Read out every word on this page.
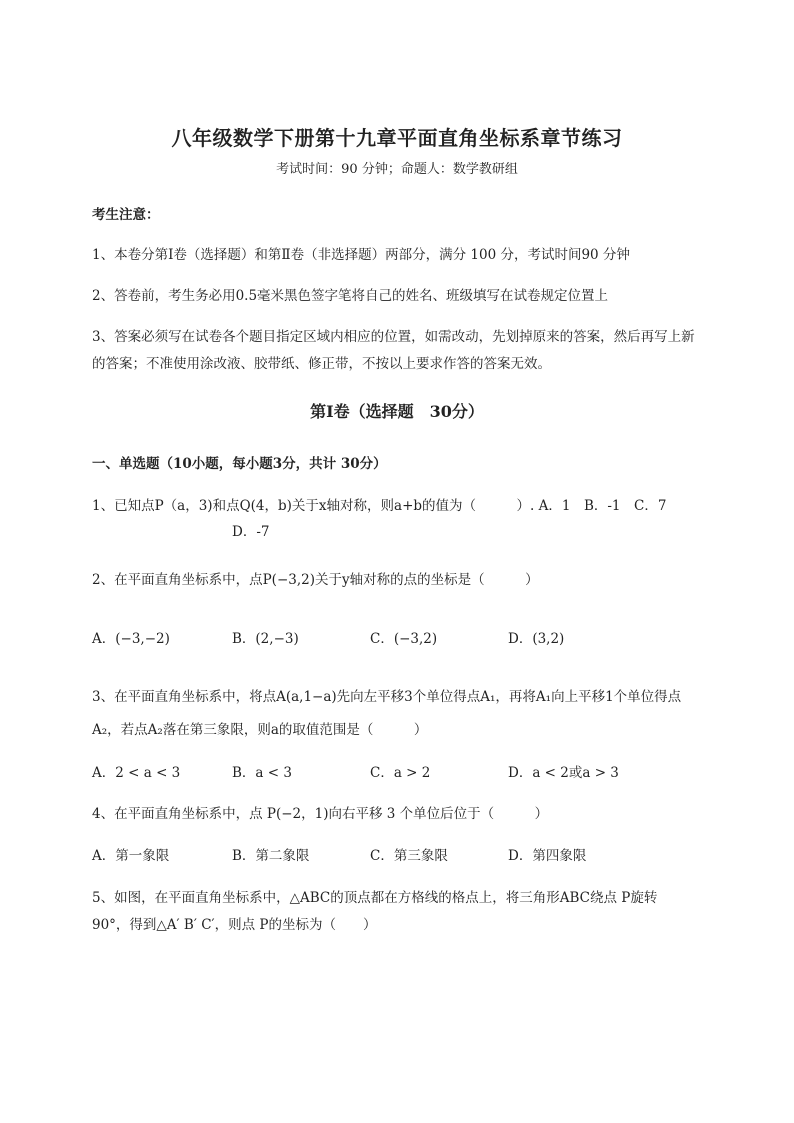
八年级数学下册第十九章平面直角坐标系章节练习
考试时间：90 分钟；命题人：数学教研组
考生注意：
1、本卷分第Ⅰ卷（选择题）和第Ⅱ卷（非选择题）两部分，满分 100 分，考试时间90 分钟
2、答卷前，考生务必用0.5毫米黑色签字笔将自己的姓名、班级填写在试卷规定位置上
3、答案必须写在试卷各个题目指定区域内相应的位置，如需改动，先划掉原来的答案，然后再写上新
的答案；不准使用涂改液、胶带纸、修正带，不按以上要求作答的答案无效。
第Ⅰ卷（选择题　30分）
一、单选题（10小题，每小题3分，共计 30分）
1、已知点P（a，3)和点Q(4，b)关于x轴对称，则a+b的值为（　　　）. A．1　B．-1　C．7
D．-7
2、在平面直角坐标系中，点P(−3,2)关于y轴对称的点的坐标是（　　　）
A．(−3,−2)	B．(2,−3)	C．(−3,2)	D．(3,2)
3、在平面直角坐标系中，将点A(a,1−a)先向左平移3个单位得点A₁，再将A₁向上平移1个单位得点
A₂，若点A₂落在第三象限，则a的取值范围是（　　　）
A．2 < a < 3	B．a < 3	C．a > 2	D．a < 2或a > 3
4、在平面直角坐标系中，点 P(−2，1)向右平移 3 个单位后位于（　　　）
A．第一象限	B．第二象限	C．第三象限	D．第四象限
5、如图，在平面直角坐标系中，△ABC的顶点都在方格线的格点上，将三角形ABC绕点 P旋转
90°，得到△A′ B′ C′，则点 P的坐标为（　　）
